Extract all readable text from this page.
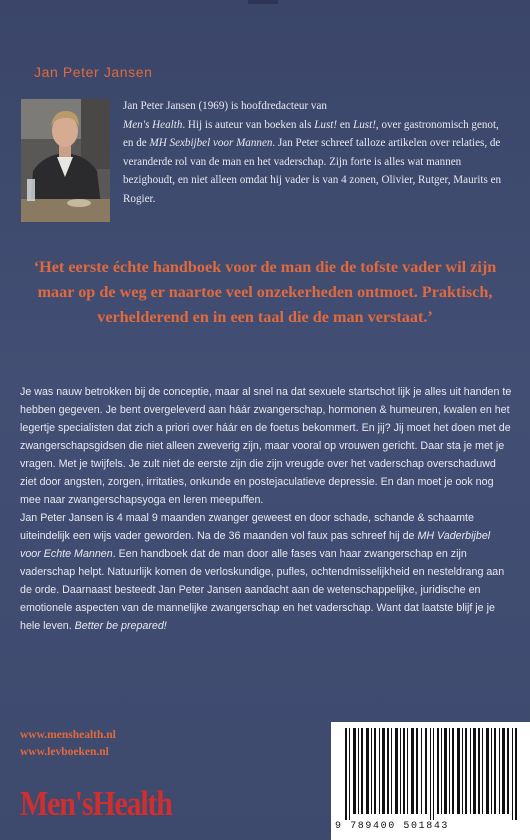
Jan Peter Jansen
Jan Peter Jansen (1969) is hoofdredacteur van
Men's Health. Hij is auteur van boeken als Lust! en Lust!, over gastronomisch genot, en de MH Sexbijbel voor Mannen. Jan Peter schreef talloze artikelen over relaties, de veranderde rol van de man en het vaderschap. Zijn forte is alles wat mannen bezighoudt, en niet alleen omdat hij vader is van 4 zonen, Olivier, Rutger, Maurits en Rogier.
‘Het eerste échte handboek voor de man die de tofste vader wil zijn maar op de weg er naartoe veel onzekerheden ontmoet. Praktisch, verhelderend en in een taal die de man verstaat.’

Je was nauw betrokken bij de conceptie, maar al snel na dat sexuele startschot lijk je alles uit handen te hebben gegeven. Je bent overgeleverd aan háár zwangerschap, hormonen & humeuren, kwalen en het legertje specialisten dat zich a priori over háár en de foetus bekommert. En jij? Jij moet het doen met de zwangerschapsgidsen die niet alleen zweverig zijn, maar vooral op vrouwen gericht. Daar sta je met je vragen. Met je twijfels. Je zult niet de eerste zijn die zijn vreugde over het vaderschap overschaduwd ziet door angsten, zorgen, irritaties, onkunde en postejaculatieve depressie. En dan moet je ook nog mee naar zwangerschapsyoga en leren meepuffen.

Jan Peter Jansen is 4 maal 9 maanden zwanger geweest en door schade, schande & schaamte uiteindelijk een wijs vader geworden. Na de 36 maanden vol faux pas schreef hij de MH Vaderbijbel voor Echte Mannen. Een handboek dat de man door alle fases van haar zwangerschap en zijn vaderschap helpt. Natuurlijk komen de verloskundige, pufles, ochtendmisselijkheid en nesteldrang aan de orde. Daarnaast besteedt Jan Peter Jansen aandacht aan de wetenschappelijke, juridische en emotionele aspecten van de mannelijke zwangerschap en het vaderschap. Want dat laatste blijf je je hele leven. Better be prepared!

www.menshealth.nl
www.levboeken.nl
Men'sHealth
9 789400 501843
